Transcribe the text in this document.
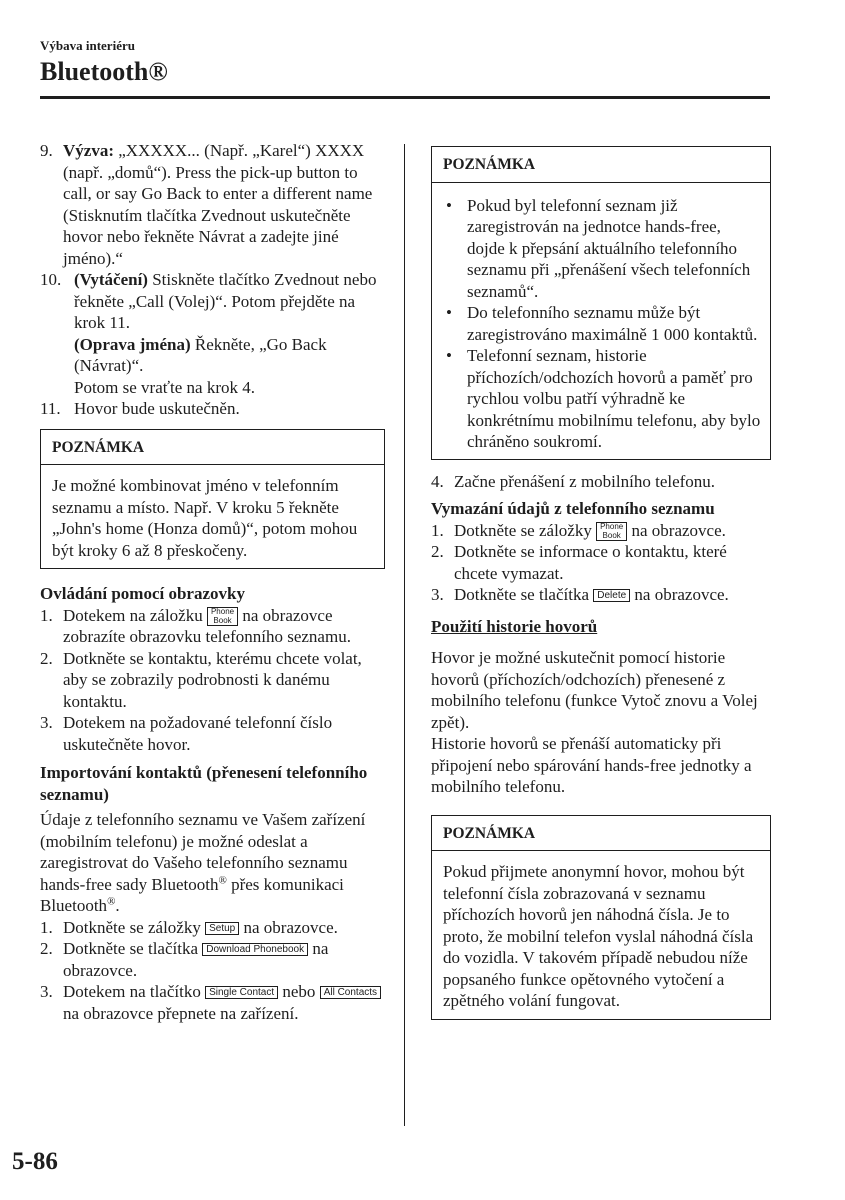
Výbava interiéru
Bluetooth®
9. Výzva: „XXXXX... (Např. „Karel“) XXXX (např. „domů“). Press the pick-up button to call, or say Go Back to enter a different name (Stisknutím tlačítka Zvednout uskutečněte hovor nebo řekněte Návrat a zadejte jiné jméno).“
10. (Vytáčení) Stiskněte tlačítko Zvednout nebo řekněte „Call (Volej)“. Potom přejděte na krok 11.
(Oprava jména) Řekněte, „Go Back (Návrat)“.
Potom se vraťte na krok 4.
11. Hovor bude uskutečněn.
POZNÁMKA
Je možné kombinovat jméno v telefonním seznamu a místo. Např. V kroku 5 řekněte „John's home (Honza domů)“, potom mohou být kroky 6 až 8 přeskočeny.
Ovládání pomocí obrazovky
1. Dotekem na záložku Phone
Book na obrazovce zobrazíte obrazovku telefonního seznamu.
2. Dotkněte se kontaktu, kterému chcete volat, aby se zobrazily podrobnosti k danému kontaktu.
3. Dotekem na požadované telefonní číslo uskutečněte hovor.
Importování kontaktů (přenesení telefonního seznamu)
Údaje z telefonního seznamu ve Vašem zařízení (mobilním telefonu) je možné odeslat a zaregistrovat do Vašeho telefonního seznamu hands-free sady Bluetooth® přes komunikaci Bluetooth®.
1. Dotkněte se záložky Setup na obrazovce.
2. Dotkněte se tlačítka Download Phonebook na obrazovce.
3. Dotekem na tlačítko Single Contact nebo All Contacts na obrazovce přepnete na zařízení.
POZNÁMKA
• Pokud byl telefonní seznam již zaregistrován na jednotce hands-free, dojde k přepsání aktuálního telefonního seznamu při „přenášení všech telefonních seznamů“.
• Do telefonního seznamu může být zaregistrováno maximálně 1 000 kontaktů.
• Telefonní seznam, historie příchozích/odchozích hovorů a paměť pro rychlou volbu patří výhradně ke konkrétnímu mobilnímu telefonu, aby bylo chráněno soukromí.
4. Začne přenášení z mobilního telefonu.
Vymazání údajů z telefonního seznamu
1. Dotkněte se záložky Phone
Book na obrazovce.
2. Dotkněte se informace o kontaktu, které chcete vymazat.
3. Dotkněte se tlačítka Delete na obrazovce.
Použití historie hovorů
Hovor je možné uskutečnit pomocí historie hovorů (příchozích/odchozích) přenesené z mobilního telefonu (funkce Vytoč znovu a Volej zpět).
Historie hovorů se přenáší automaticky při připojení nebo spárování hands-free jednotky a mobilního telefonu.
POZNÁMKA
Pokud přijmete anonymní hovor, mohou být telefonní čísla zobrazovaná v seznamu příchozích hovorů jen náhodná čísla. Je to proto, že mobilní telefon vyslal náhodná čísla do vozidla. V takovém případě nebudou níže popsaného funkce opětovného vytočení a zpětného volání fungovat.
5-86
